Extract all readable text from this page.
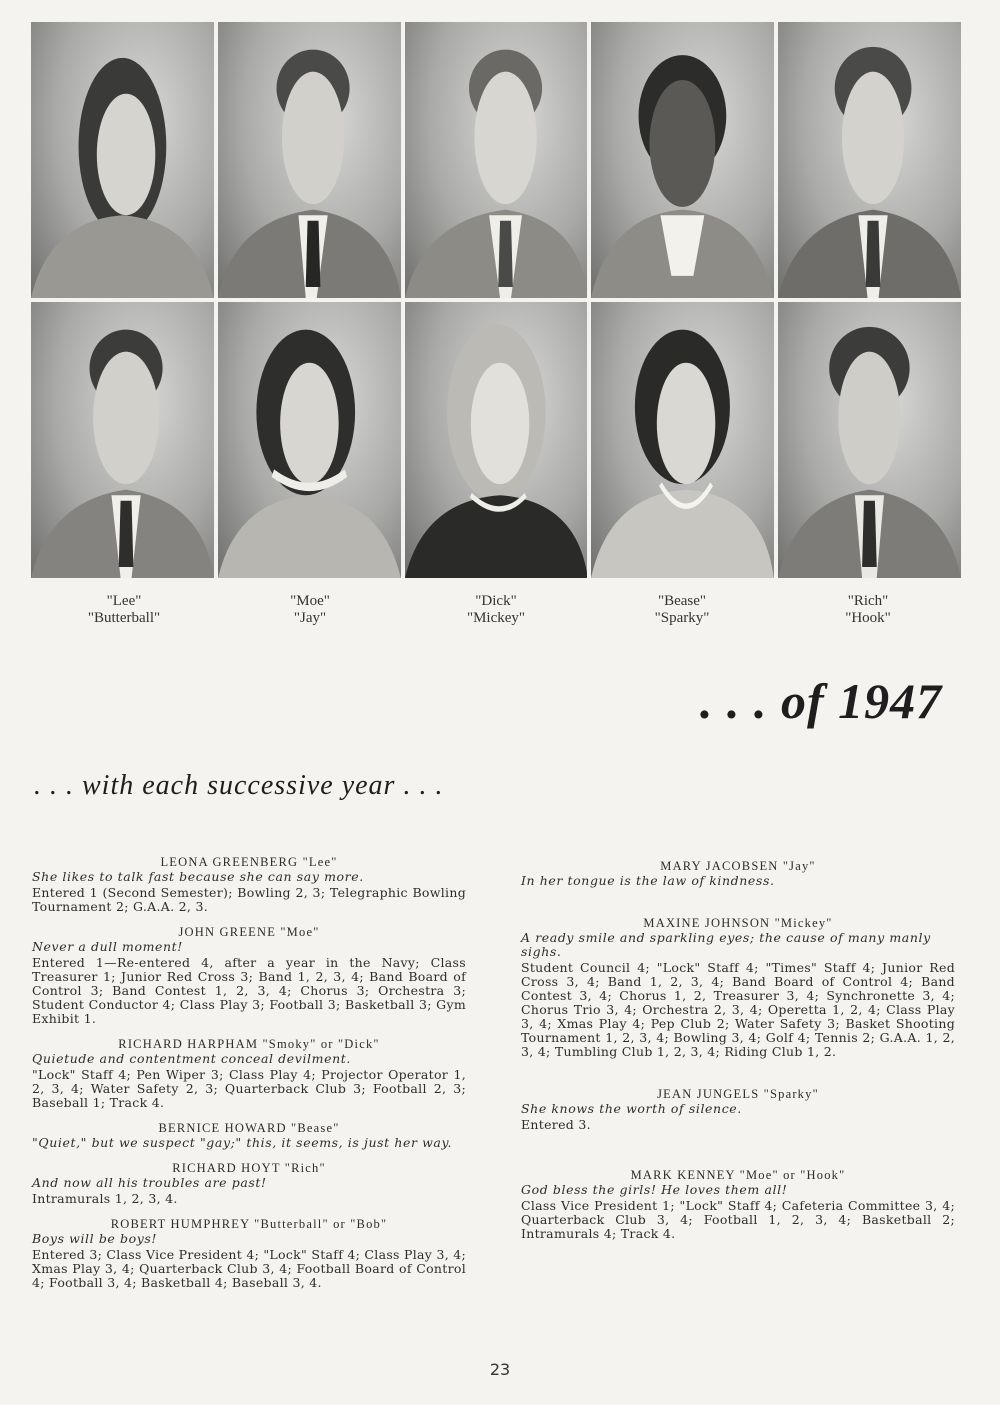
"Lee"
"Butterball"
"Moe"
"Jay"
"Dick"
"Mickey"
"Bease"
"Sparky"
"Rich"
"Hook"
. . . of 1947
. . . with each successive year . . .
LEONA GREENBERG "Lee"
She likes to talk fast because she can say more.
Entered 1 (Second Semester); Bowling 2, 3; Telegraphic Bowling Tournament 2; G.A.A. 2, 3.
JOHN GREENE "Moe"
Never a dull moment!
Entered 1—Re-entered 4, after a year in the Navy; Class Treasurer 1; Junior Red Cross 3; Band 1, 2, 3, 4; Band Board of Control 3; Band Contest 1, 2, 3, 4; Chorus 3; Orchestra 3; Student Conductor 4; Class Play 3; Football 3; Basketball 3; Gym Exhibit 1.
RICHARD HARPHAM "Smoky" or "Dick"
Quietude and contentment conceal devilment.
"Lock" Staff 4; Pen Wiper 3; Class Play 4; Projector Operator 1, 2, 3, 4; Water Safety 2, 3; Quarterback Club 3; Football 2, 3; Baseball 1; Track 4.
BERNICE HOWARD "Bease"
"Quiet," but we suspect "gay;" this, it seems, is just her way.
RICHARD HOYT "Rich"
And now all his troubles are past!
Intramurals 1, 2, 3, 4.
ROBERT HUMPHREY "Butterball" or "Bob"
Boys will be boys!
Entered 3; Class Vice President 4; "Lock" Staff 4; Class Play 3, 4; Xmas Play 3, 4; Quarterback Club 3, 4; Football Board of Control 4; Football 3, 4; Basketball 4; Baseball 3, 4.
MARY JACOBSEN "Jay"
In her tongue is the law of kindness.
MAXINE JOHNSON "Mickey"
A ready smile and sparkling eyes; the cause of many manly sighs.
Student Council 4; "Lock" Staff 4; "Times" Staff 4; Junior Red Cross 3, 4; Band 1, 2, 3, 4; Band Board of Control 4; Band Contest 3, 4; Chorus 1, 2, Treasurer 3, 4; Synchronette 3, 4; Chorus Trio 3, 4; Orchestra 2, 3, 4; Operetta 1, 2, 4; Class Play 3, 4; Xmas Play 4; Pep Club 2; Water Safety 3; Basket Shooting Tournament 1, 2, 3, 4; Bowling 3, 4; Golf 4; Tennis 2; G.A.A. 1, 2, 3, 4; Tumbling Club 1, 2, 3, 4; Riding Club 1, 2.
JEAN JUNGELS "Sparky"
She knows the worth of silence.
Entered 3.
MARK KENNEY "Moe" or "Hook"
God bless the girls! He loves them all!
Class Vice President 1; "Lock" Staff 4; Cafeteria Committee 3, 4; Quarterback Club 3, 4; Football 1, 2, 3, 4; Basketball 2; Intramurals 4; Track 4.
23
